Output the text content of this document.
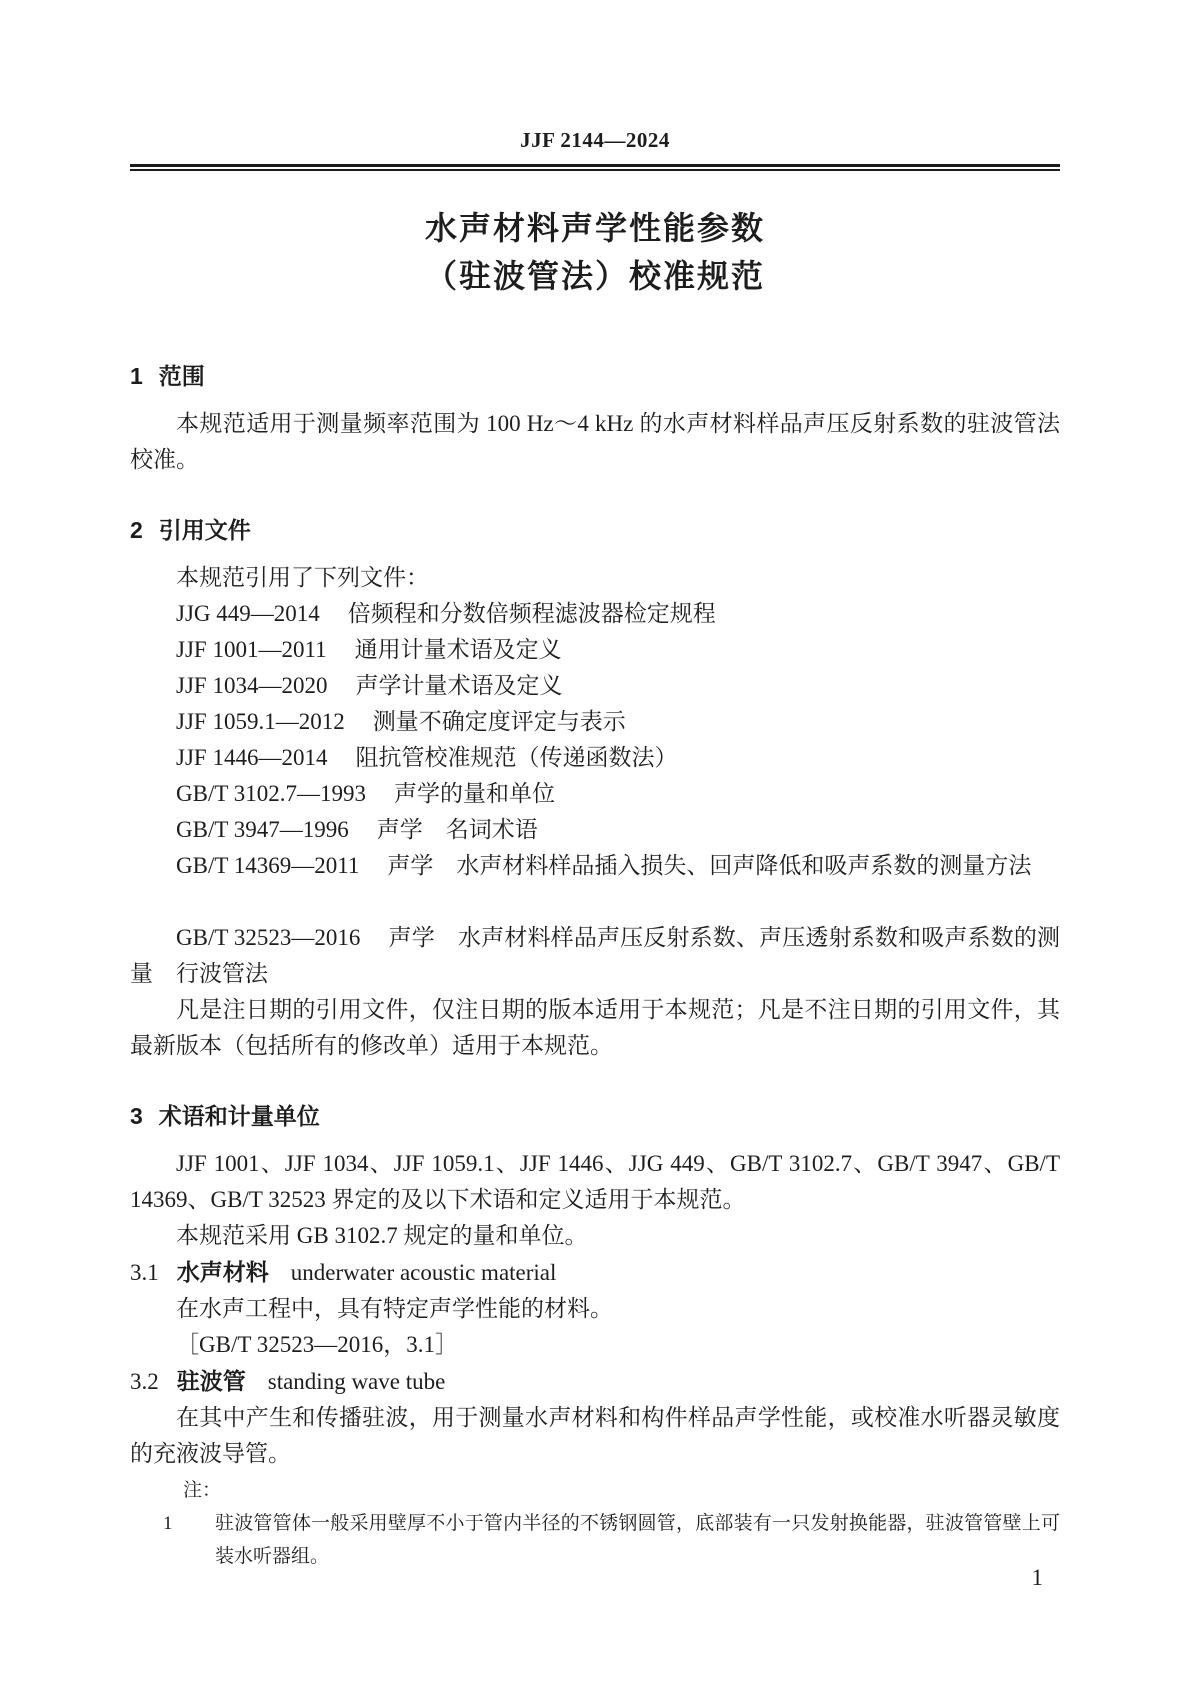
JJF 2144—2024
水声材料声学性能参数
（驻波管法）校准规范
1 范围

本规范适用于测量频率范围为 100 Hz～4 kHz 的水声材料样品声压反射系数的驻波管法校准。

2 引用文件

本规范引用了下列文件：

JJG 449—2014 倍频程和分数倍频程滤波器检定规程

JJF 1001—2011 通用计量术语及定义

JJF 1034—2020 声学计量术语及定义

JJF 1059.1—2012 测量不确定度评定与表示

JJF 1446—2014 阻抗管校准规范（传递函数法）

GB/T 3102.7—1993 声学的量和单位

GB/T 3947—1996 声学　名词术语

GB/T 14369—2011 声学　水声材料样品插入损失、回声降低和吸声系数的测量方法

GB/T 32523—2016 声学　水声材料样品声压反射系数、声压透射系数和吸声系数的测量　行波管法

凡是注日期的引用文件，仅注日期的版本适用于本规范；凡是不注日期的引用文件，其最新版本（包括所有的修改单）适用于本规范。

3 术语和计量单位

JJF 1001、JJF 1034、JJF 1059.1、JJF 1446、JJG 449、GB/T 3102.7、GB/T 3947、GB/T 14369、GB/T 32523 界定的及以下术语和定义适用于本规范。

本规范采用 GB 3102.7 规定的量和单位。

3.1 水声材料 underwater acoustic material

在水声工程中，具有特定声学性能的材料。

［GB/T 32523—2016，3.1］

3.2 驻波管 standing wave tube

在其中产生和传播驻波，用于测量水声材料和构件样品声学性能，或校准水听器灵敏度的充液波导管。

注：

1 驻波管管体一般采用壁厚不小于管内半径的不锈钢圆管，底部装有一只发射换能器，驻波管管壁上可装水听器组。

1
